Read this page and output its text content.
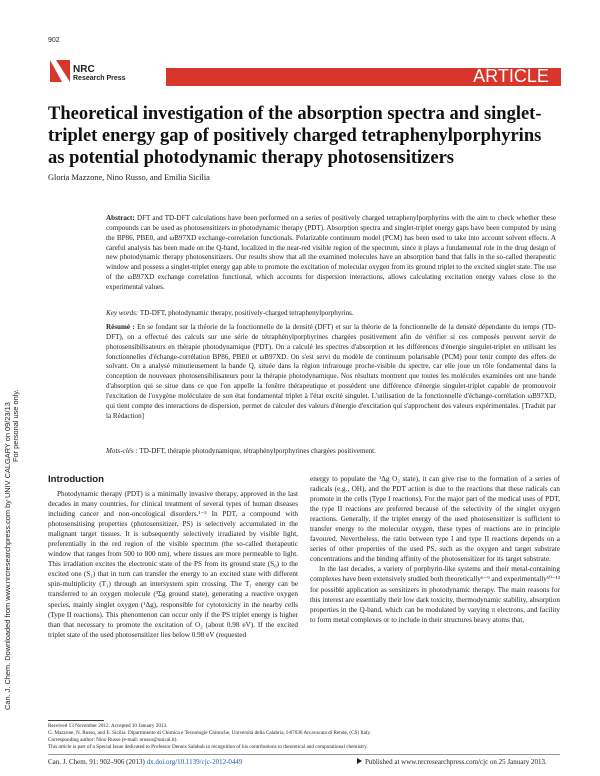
902
NRC
Research Press	ARTICLE
Theoretical investigation of the absorption spectra and singlet-triplet energy gap of positively charged tetraphenylporphyrins as potential photodynamic therapy photosensitizers
Gloria Mazzone, Nino Russo, and Emilia Sicilia
Can. J. Chem. Downloaded from www.nrcresearchpress.com by UNIV CALGARY on 09/23/13 For personal use only.
Abstract: DFT and TD-DFT calculations have been performed on a series of positively charged tetraphenylporphyrins with the aim to check whether these compounds can be used as photosensitizers in photodynamic therapy (PDT). Absorption spectra and singlet-triplet energy gaps have been computed by using the BP86, PBE0, and ωB97XD exchange-correlation functionals. Polarizable continuum model (PCM) has been used to take into account solvent effects. A careful analysis has been made on the Q-band, localized in the near-red visible region of the spectrum, since it plays a fundamental role in the drug design of new photodynamic therapy photosensitizers. Our results show that all the examined molecules have an absorption band that falls in the so-called therapeutic window and possess a singlet-triplet energy gap able to promote the excitation of molecular oxygen from its ground triplet to the excited singlet state. The use of the ωB97XD exchange correlation functional, which accounts for dispersion interactions, allows calculating excitation energy values close to the experimental values.
Key words: TD-DFT, photodynamic therapy, positively-charged tetraphenylporphyrins.
Résumé : En se fondant sur la théorie de la fonctionnelle de la densité (DFT) et sur la théorie de la fonctionnelle de la densité dépendante du temps (TD-DFT), on a effectué des calculs sur une série de tétraphénylporphyrines chargées positivement afin de vérifier si ces composés peuvent servir de photosensibilisateurs en thérapie photodynamique (PDT). On a calculé les spectres d'absorption et les différences d'énergie singulet-triplet en utilisant les fonctionnelles d'échange-corrélation BP86, PBE0 et ωB97XD. On s'est servi du modèle de continuum polarisable (PCM) pour tenir compte des effets de solvant. On a analysé minutieusement la bande Q, située dans la région infrarouge proche-visible du spectre, car elle joue un rôle fondamental dans la conception de nouveaux photosensibilisateurs pour la thérapie photodynamique. Nos résultats montrent que toutes les molécules examinées ont une bande d'absorption qui se situe dans ce que l'on appelle la fenêtre thérapeutique et possèdent une différence d'énergie singulet-triplet capable de promouvoir l'excitation de l'oxygène moléculaire de son état fondamental triplet à l'état excité singulet. L'utilisation de la fonctionnelle d'échange-corrélation ωB97XD, qui tient compte des interactions de dispersion, permet de calculer des valeurs d'énergie d'excitation qui s'approchent des valeurs expérimentales. [Traduit par la Rédaction]
Mots-clés : TD-DFT, thérapie photodynamique, tétraphénylporphyrines chargées positivement.
Introduction

Photodynamic therapy (PDT) is a minimally invasive therapy, approved in the last decades in many countries, for clinical treatment of several types of human diseases including cancer and non-oncological disorders.¹⁻⁵ In PDT, a compound with photosensitising properties (photosensitizer, PS) is selectively accumulated in the malignant target tissues. It is subsequently selectively irradiated by visible light, preferentially in the red region of the visible spectrum (the so-called therapeutic window that ranges from 500 to 800 nm), where tissues are more permeable to light. This irradiation excites the electronic state of the PS from its ground state (S₀) to the excited one (S₁) that in turn can transfer the energy to an excited state with different spin-multiplicity (T₁) through an intersystem spin crossing. The T₁ energy can be transferred to an oxygen molecule (³Σg ground state), generating a reactive oxygen species, mainly singlet oxygen (¹Δg), responsible for cytotoxicity in the nearby cells (Type II reactions). This phenomenon can occur only if the PS triplet energy is higher than that necessary to promote the excitation of O₂ (about 0.98 eV). If the excited triplet state of the used photosensitizer lies below 0.98 eV (requested

energy to populate the ¹Δg O₂ state), it can give rise to the formation of a series of radicals (e.g., OH), and the PDT action is due to the reactions that these radicals can promote in the cells (Type I reactions). For the major part of the medical uses of PDT, the type II reactions are preferred because of the selectivity of the singlet oxygen reactions. Generally, if the triplet energy of the used photosensitizer is sufficient to transfer energy to the molecular oxygen, these types of reactions are in principle favoured. Nevertheless, the ratio between type I and type II reactions depends on a series of other properties of the used PS, such as the oxygen and target substrate concentrations and the binding affinity of the photosensitizer for its target substrate.

In the last decades, a variety of porphyrin-like systems and their metal-containing complexes have been extensively studied both theoretically⁶⁻⁹ and experimentally¹⁰⁻¹³ for possible application as sensitizers in photodynamic therapy. The main reasons for this interest are essentially their low dark toxicity, thermodynamic stability, absorption properties in the Q-band, which can be modulated by varying π electrons, and facility to form metal complexes or to include in their structures heavy atoms that,

Received 13 November 2012. Accepted 10 January 2013.
G. Mazzone, N. Russo, and E. Sicilia. Dipartimento di Chimica e Tecnologie Chimiche, Università della Calabria, I-87036 Arcavacata di Rende, (CS) Italy.
Corresponding author: Nino Russo (e-mail: nrusso@unical.it).
This article is part of a Special Issue dedicated to Professor Dennis Salahub in recognition of his contributions to theoretical and computational chemistry.
Can. J. Chem. 91: 902–906 (2013) dx.doi.org/10.1139/cjc-2012-0449	Published at www.nrcresearchpress.com/cjc on 25 January 2013.
